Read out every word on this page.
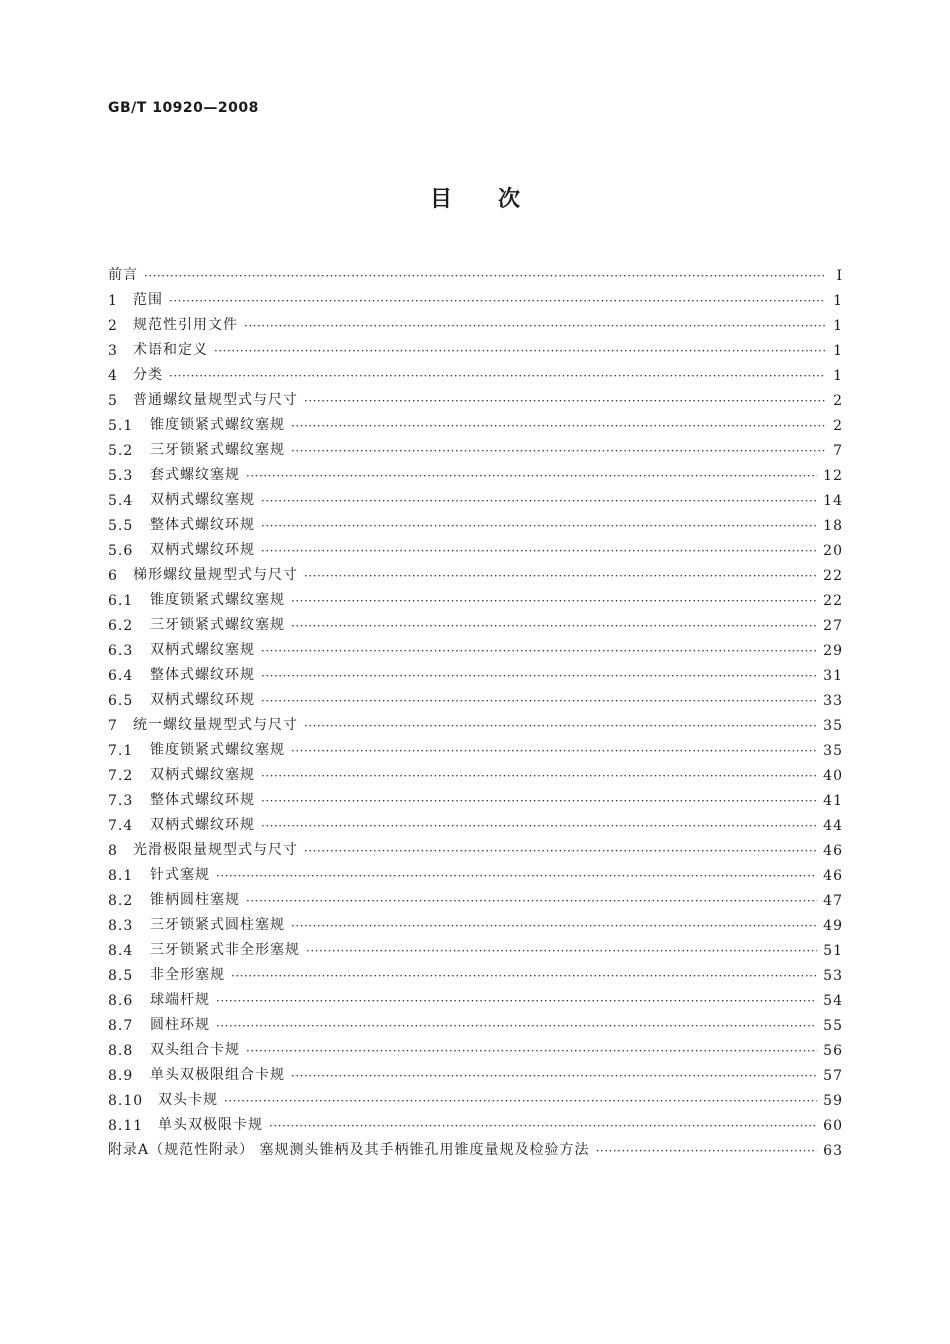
GB/T 10920—2008
目次
前言 ·····	Ⅰ
1	范围 ·····	1
2	规范性引用文件 ·····	1
3	术语和定义 ·····	1
4	分类 ·····	1
5	普通螺纹量规型式与尺寸 ·····	2
5.1	锥度锁紧式螺纹塞规 ·····	2
5.2	三牙锁紧式螺纹塞规 ·····	7
5.3	套式螺纹塞规 ·····	12
5.4	双柄式螺纹塞规 ·····	14
5.5	整体式螺纹环规 ·····	18
5.6	双柄式螺纹环规 ·····	20
6	梯形螺纹量规型式与尺寸 ·····	22
6.1	锥度锁紧式螺纹塞规 ·····	22
6.2	三牙锁紧式螺纹塞规 ·····	27
6.3	双柄式螺纹塞规 ·····	29
6.4	整体式螺纹环规 ·····	31
6.5	双柄式螺纹环规 ·····	33
7	统一螺纹量规型式与尺寸 ·····	35
7.1	锥度锁紧式螺纹塞规 ·····	35
7.2	双柄式螺纹塞规 ·····	40
7.3	整体式螺纹环规 ·····	41
7.4	双柄式螺纹环规 ·····	44
8	光滑极限量规型式与尺寸 ·····	46
8.1	针式塞规 ·····	46
8.2	锥柄圆柱塞规 ·····	47
8.3	三牙锁紧式圆柱塞规 ·····	49
8.4	三牙锁紧式非全形塞规 ·····	51
8.5	非全形塞规 ·····	53
8.6	球端杆规 ·····	54
8.7	圆柱环规 ·····	55
8.8	双头组合卡规 ·····	56
8.9	单头双极限组合卡规 ·····	57
8.10	双头卡规 ·····	59
8.11	单头双极限卡规 ·····	60
附录A（规范性附录） 塞规测头锥柄及其手柄锥孔用锥度量规及检验方法 ·····	63
